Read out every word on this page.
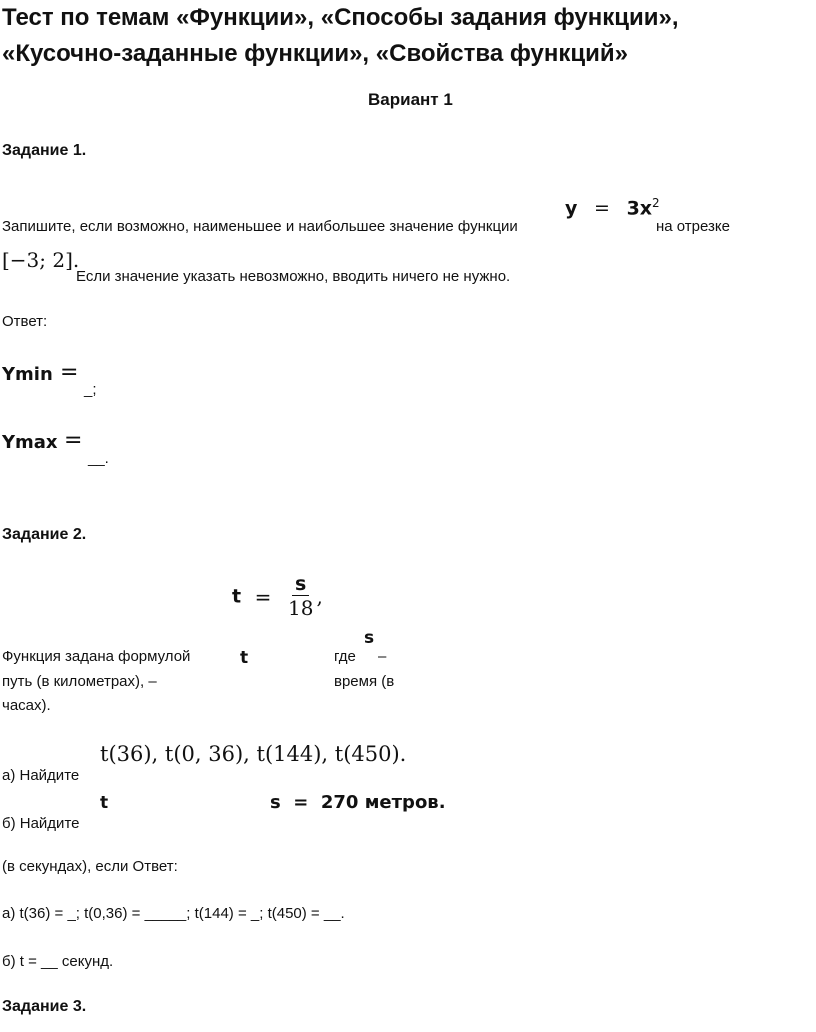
Тест по темам «Функции», «Способы задания функции»,
«Кусочно-заданные функции», «Свойства функций»
Вариант 1
Задание 1.
Запишите, если возможно, наименьшее и наибольшее значение функции
$y = 3x^2$
на отрезке
[−3; 2].
Если значение указать невозможно, вводить ничего не нужно.
Ответ:
Ymin =
_;
Ymax =
__.
Задание 2.
$t = \frac{s}{18}$ ,
Функция задана формулой	t	где
s
–
путь (в километрах), –	время (в
часах).
t(36), t(0, 36), t(144), t(450).
а) Найдите
t	s  =  270 метров.
б) Найдите
(в секундах), если Ответ:
а) t(36) = _; t(0,36) = _____; t(144) = _; t(450) = __.
б) t = __ секунд.
Задание 3.
